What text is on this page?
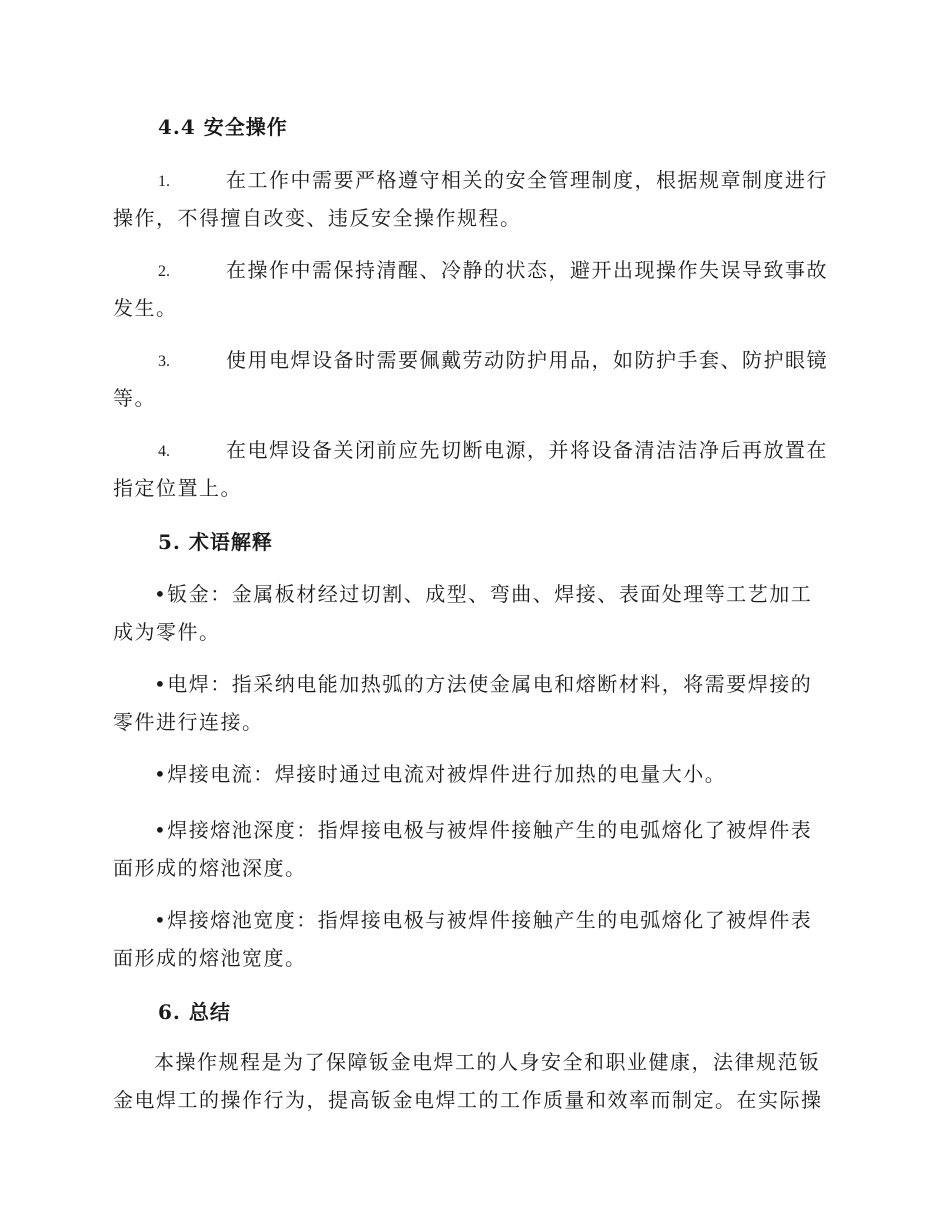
4.4 安全操作
1.	在工作中需要严格遵守相关的安全管理制度，根据规章制度进行
操作，不得擅自改变、违反安全操作规程。
2.	在操作中需保持清醒、冷静的状态，避开出现操作失误导致事故
发生。
3.	使用电焊设备时需要佩戴劳动防护用品，如防护手套、防护眼镜
等。
4.	在电焊设备关闭前应先切断电源，并将设备清洁洁净后再放置在
指定位置上。
5. 术语解释
•钣金：金属板材经过切割、成型、弯曲、焊接、表面处理等工艺加工
成为零件。
•电焊：指采纳电能加热弧的方法使金属电和熔断材料，将需要焊接的
零件进行连接。
•焊接电流：焊接时通过电流对被焊件进行加热的电量大小。
•焊接熔池深度：指焊接电极与被焊件接触产生的电弧熔化了被焊件表
面形成的熔池深度。
•焊接熔池宽度：指焊接电极与被焊件接触产生的电弧熔化了被焊件表
面形成的熔池宽度。
6. 总结
本操作规程是为了保障钣金电焊工的人身安全和职业健康，法律规范钣
金电焊工的操作行为，提高钣金电焊工的工作质量和效率而制定。在实际操
